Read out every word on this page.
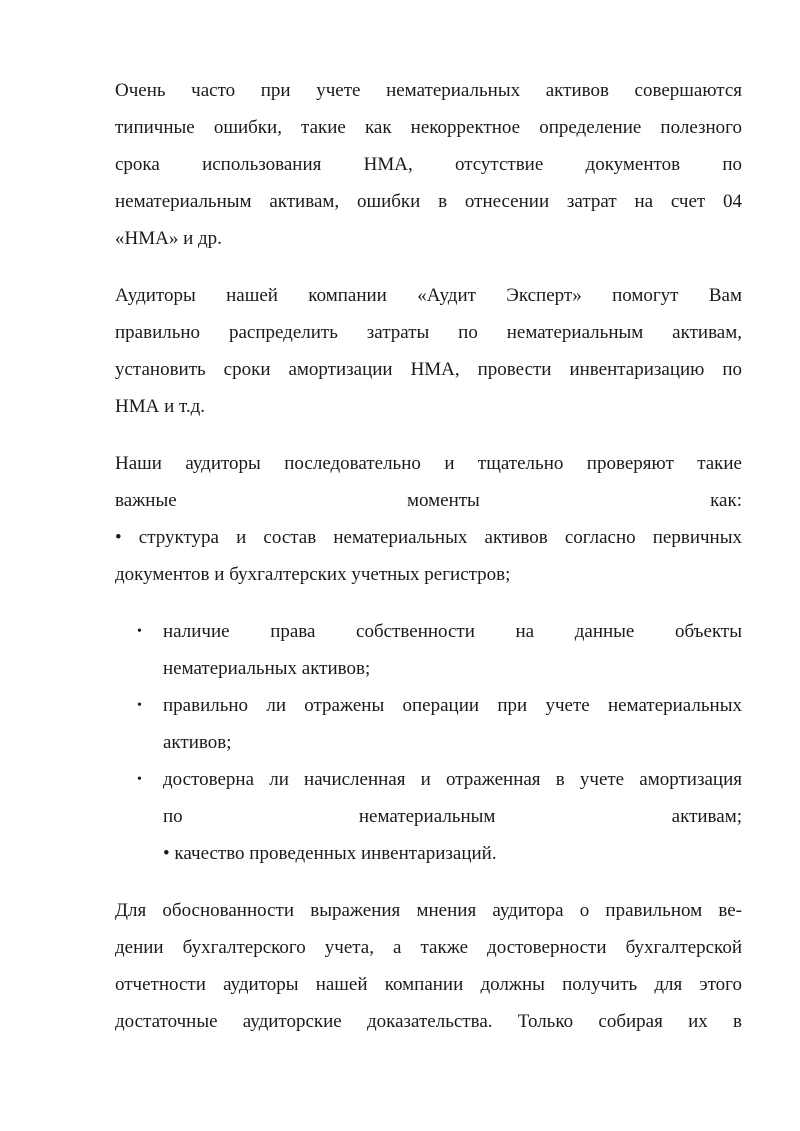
Очень часто при учете нематериальных активов совершаются
типичные ошибки, такие как некорректное определение полезного
срока использования НМА, отсутствие документов по
нематериальным активам, ошибки в отнесении затрат на счет 04
«НМА» и др.

Аудиторы нашей компании «Аудит Эксперт» помогут Вам
правильно распределить затраты по нематериальным активам,
установить сроки амортизации НМА, провести инвентаризацию по
НМА и т.д.

Наши аудиторы последовательно и тщательно проверяют такие
важные моменты как:
• структура и состав нематериальных активов согласно первичных
документов и бухгалтерских учетных регистров;

• наличие права собственности на данные объекты
нематериальных активов;
• правильно ли отражены операции при учете нематериальных
активов;
• достоверна ли начисленная и отраженная в учете амортизация
по нематериальным активам;
• качество проведенных инвентаризаций.

Для обоснованности выражения мнения аудитора о правильном ве-
дении бухгалтерского учета, а также достоверности бухгалтерской
отчетности аудиторы нашей компании должны получить для этого
достаточные аудиторские доказательства. Только собирая их в
